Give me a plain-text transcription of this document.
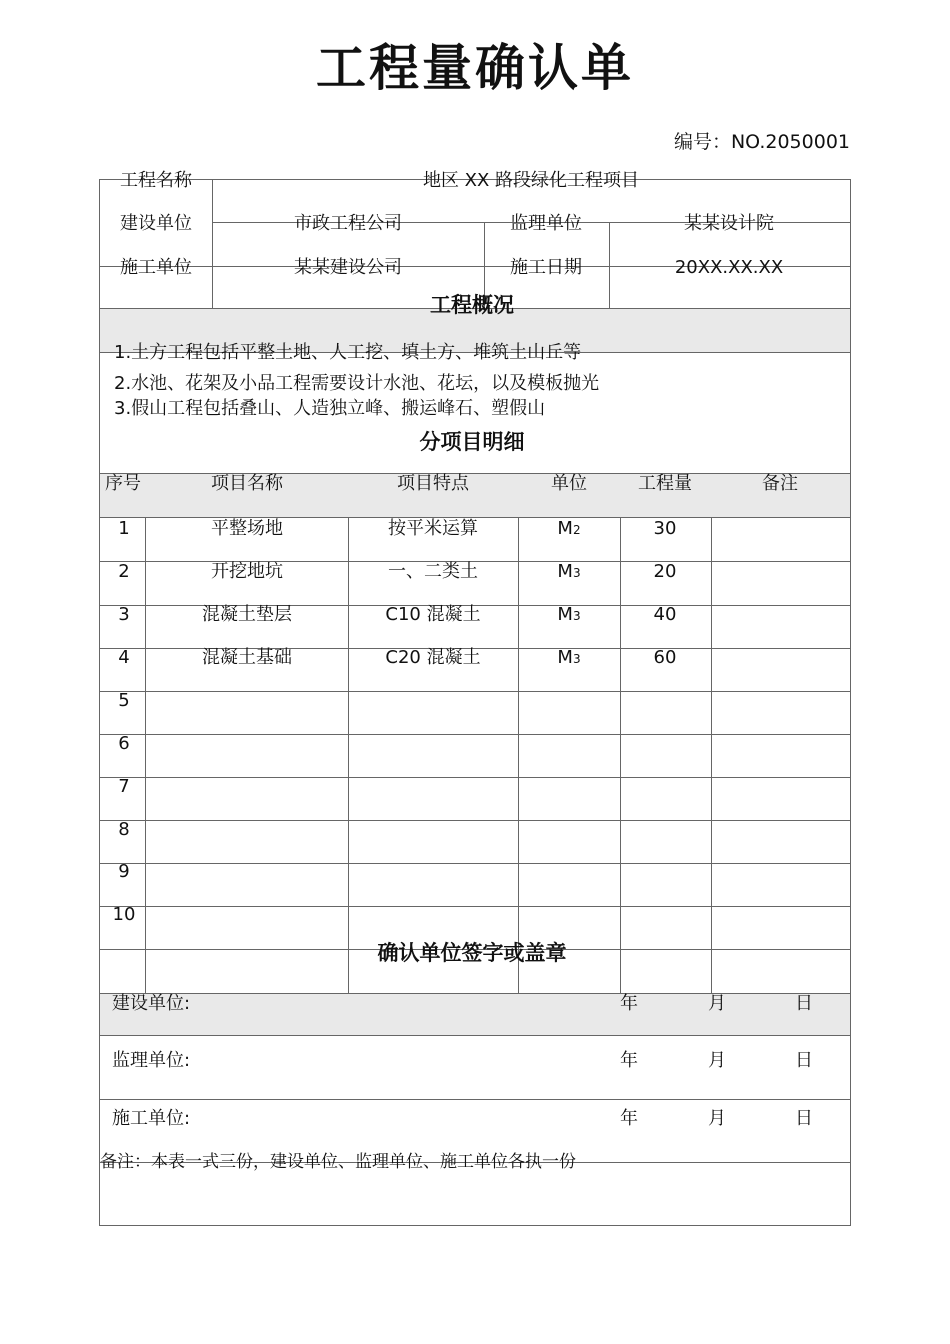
工程量确认单
编号：NO.2050001
工程名称	地区 XX 路段绿化工程项目
建设单位	市政工程公司	监理单位	某某设计院
施工单位	某某建设公司	施工日期	20XX.XX.XX
工程概况
1.土方工程包括平整土地、人工挖、填土方、堆筑土山丘等
2.水池、花架及小品工程需要设计水池、花坛，以及模板抛光
3.假山工程包括叠山、人造独立峰、搬运峰石、塑假山
分项目明细
序号	项目名称	项目特点	单位	工程量	备注
1	平整场地	按平米运算	M2	30
2	开挖地坑	一、二类土	M3	20
3	混凝土垫层	C10 混凝土	M3	40
4	混凝土基础	C20 混凝土	M3	60
5
6
7
8
9
10
确认单位签字或盖章
建设单位:	年	月	日
监理单位:	年	月	日
施工单位:	年	月	日
备注：本表一式三份，建设单位、监理单位、施工单位各执一份
